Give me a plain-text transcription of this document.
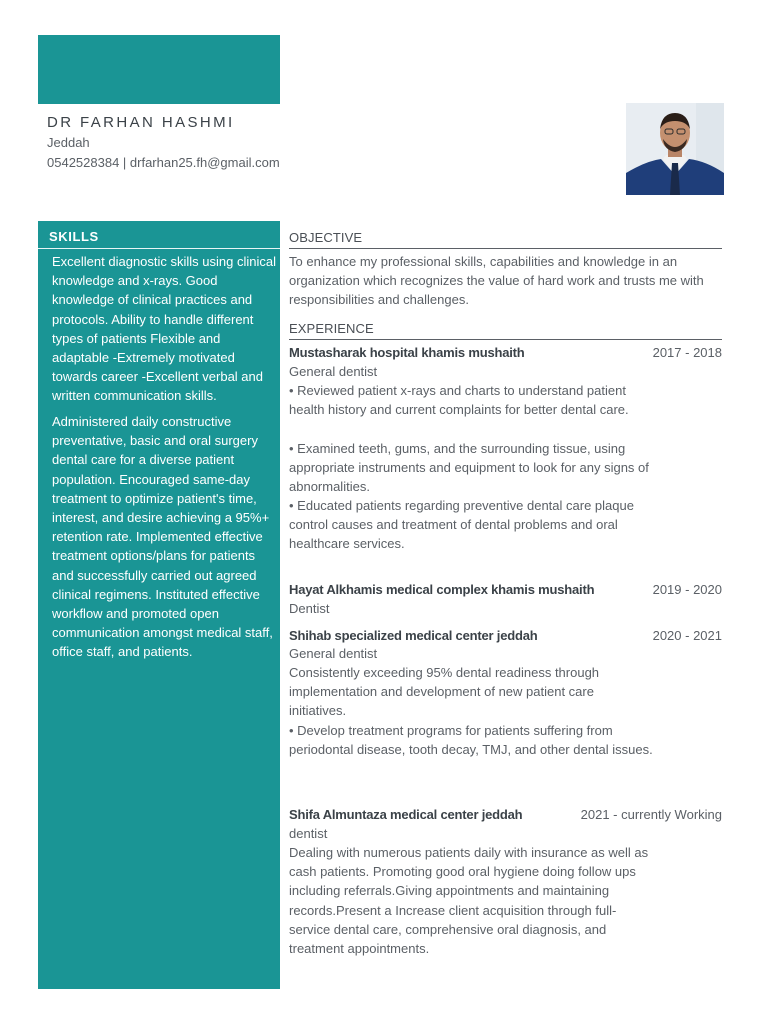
DR FARHAN HASHMI
Jeddah
0542528384 | drfarhan25.fh@gmail.com
SKILLS
Excellent diagnostic skills using clinical knowledge and x-rays. Good knowledge of clinical practices and protocols. Ability to handle different types of patients Flexible and adaptable -Extremely motivated towards career -Excellent verbal and written communication skills.
Administered daily constructive preventative, basic and oral surgery dental care for a diverse patient population. Encouraged same-day treatment to optimize patient's time, interest, and desire achieving a 95%+ retention rate. Implemented effective treatment options/plans for patients and successfully carried out agreed clinical regimens. Instituted effective workflow and promoted open communication amongst medical staff, office staff, and patients.
OBJECTIVE
To enhance my professional skills, capabilities and knowledge in an organization which recognizes the value of hard work and trusts me with responsibilities and challenges.
EXPERIENCE
Mustasharak hospital khamis mushaith	2017 - 2018
General dentist
• Reviewed patient x-rays and charts to understand patient health history and current complaints for better dental care.
• Examined teeth, gums, and the surrounding tissue, using appropriate instruments and equipment to look for any signs of abnormalities.
• Educated patients regarding preventive dental care plaque control causes and treatment of dental problems and oral healthcare services.
Hayat Alkhamis medical complex khamis mushaith	2019 - 2020
Dentist
Shihab specialized medical center jeddah	2020 - 2021
General dentist
Consistently exceeding 95% dental readiness through implementation and development of new patient care initiatives.
• Develop treatment programs for patients suffering from periodontal disease, tooth decay, TMJ, and other dental issues.
Shifa Almuntaza medical center jeddah	2021 - currently Working
dentist
Dealing with numerous patients daily with insurance as well as cash patients. Promoting good oral hygiene doing follow ups including referrals.Giving appointments and maintaining records.Present a Increase client acquisition through full-service dental care, comprehensive oral diagnosis, and treatment appointments.
